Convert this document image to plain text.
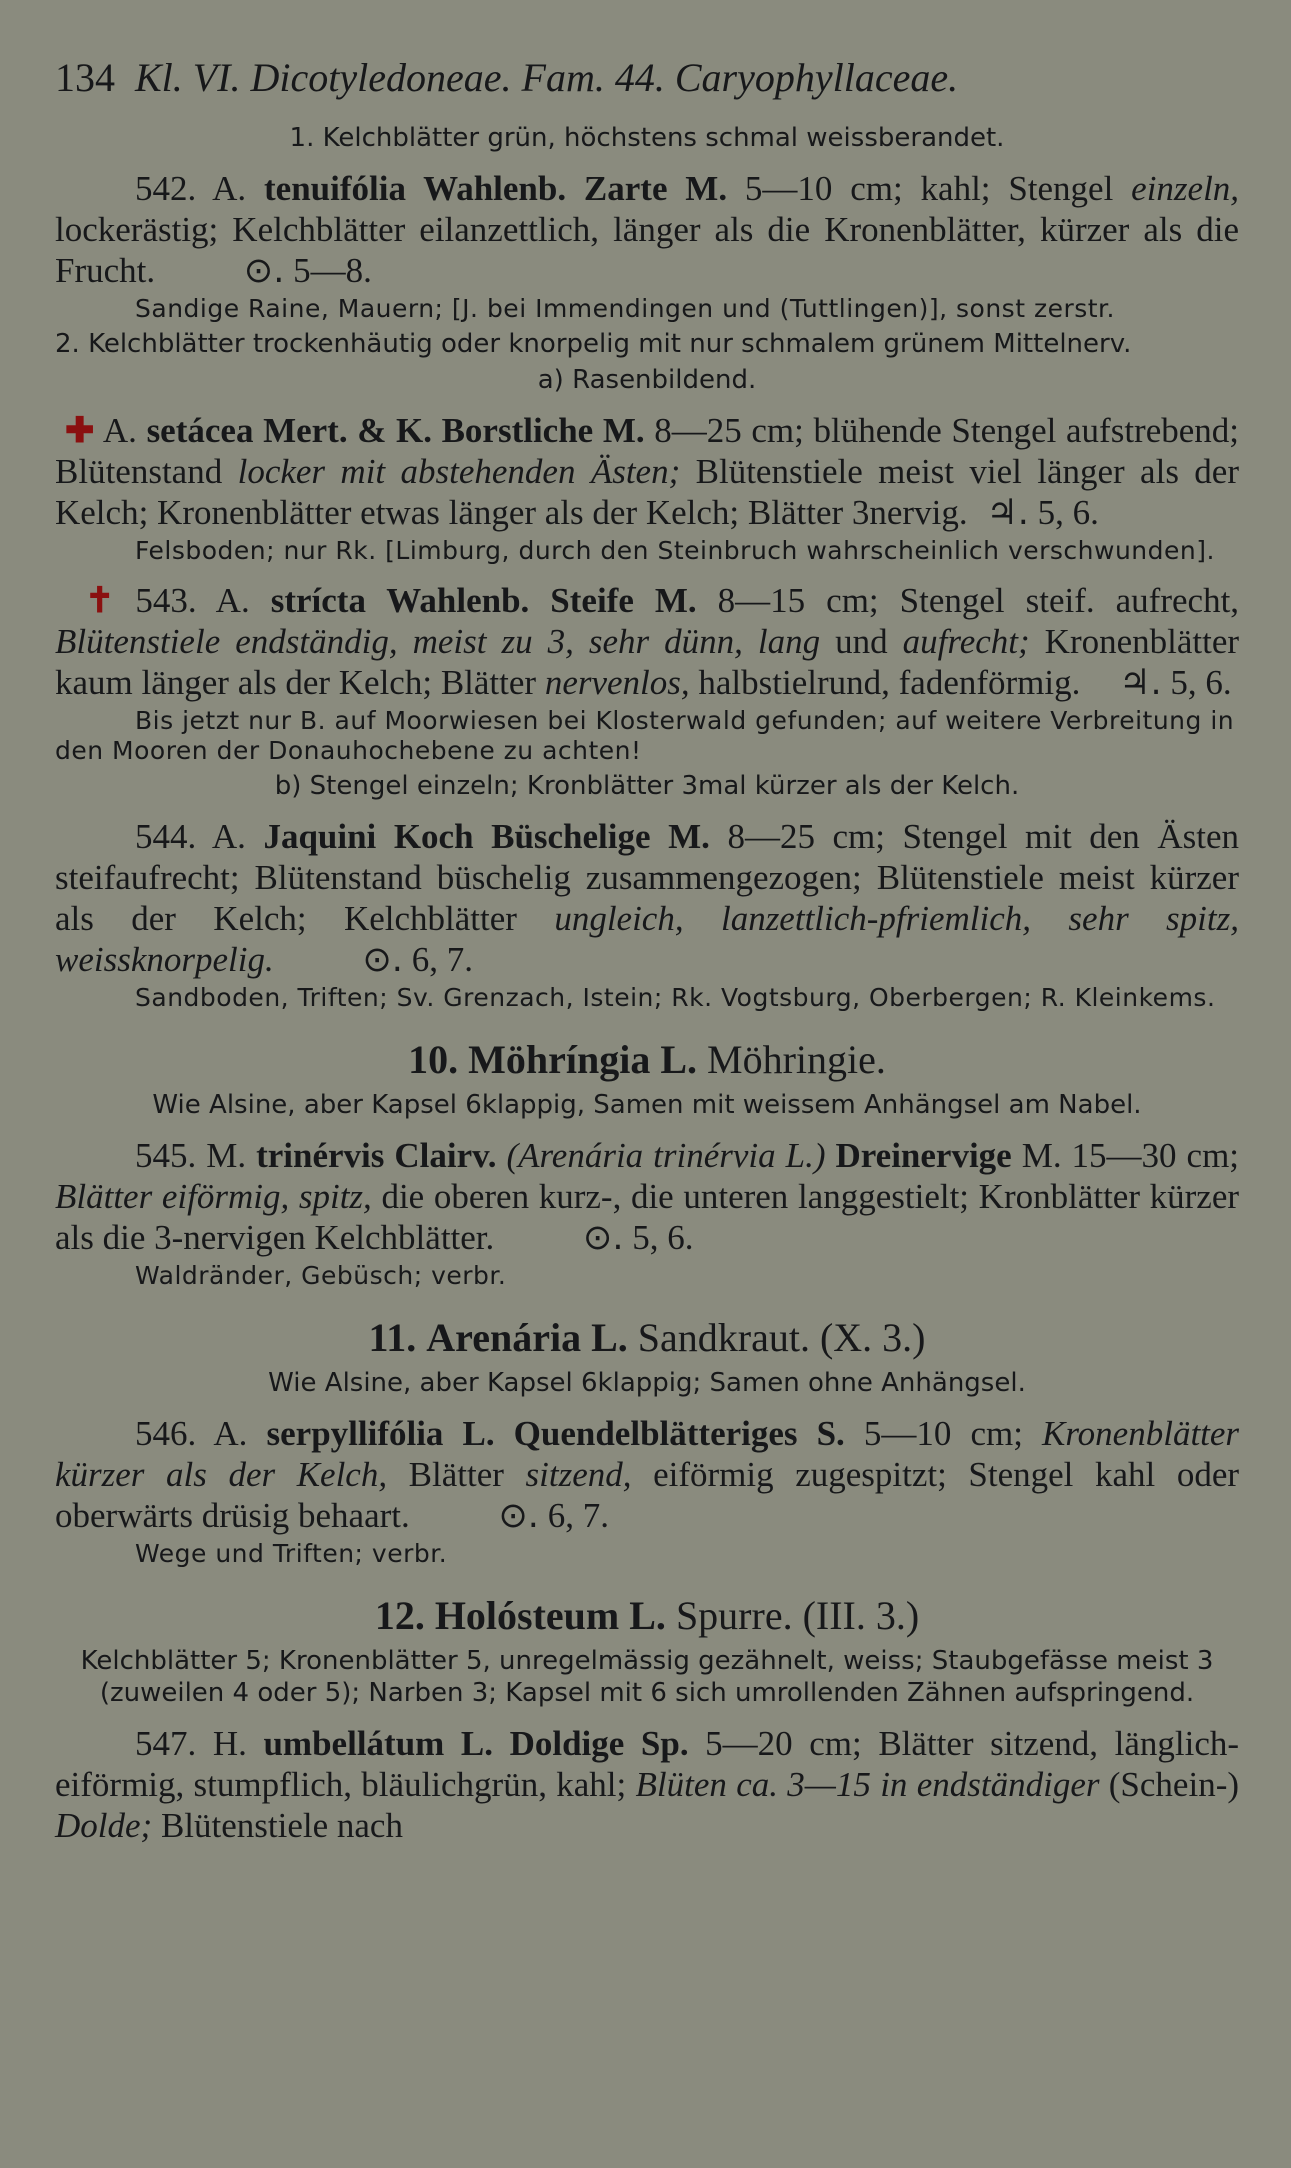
134 Kl. VI. Dicotyledoneae. Fam. 44. Caryophyllaceae.
1. Kelchblätter grün, höchstens schmal weissberandet.
542. A. tenuifólia Wahlenb. Zarte M. 5—10 cm; kahl; Stengel einzeln, lockerästig; Kelchblätter eilanzettlich, länger als die Kronenblätter, kürzer als die Frucht.	⊙. 5—8.
Sandige Raine, Mauern; [J. bei Immendingen und (Tuttlingen)], sonst zerstr.
2. Kelchblätter trockenhäutig oder knorpelig mit nur schmalem grünem Mittelnerv.
a) Rasenbildend.
✚ A. setácea Mert. & K. Borstliche M. 8—25 cm; blühende Stengel aufstrebend; Blütenstand locker mit abstehenden Ästen; Blütenstiele meist viel länger als der Kelch; Kronenblätter etwas länger als der Kelch; Blätter 3nervig. ♃. 5, 6.
Felsboden; nur Rk. [Limburg, durch den Steinbruch wahrscheinlich verschwunden].
✝ 543. A. strícta Wahlenb. Steife M. 8—15 cm; Stengel steif. aufrecht, Blütenstiele endständig, meist zu 3, sehr dünn, lang und aufrecht; Kronenblätter kaum länger als der Kelch; Blätter nervenlos, halbstielrund, fadenförmig. ♃. 5, 6.
Bis jetzt nur B. auf Moorwiesen bei Klosterwald gefunden; auf weitere Verbreitung in den Mooren der Donauhochebene zu achten!
b) Stengel einzeln; Kronblätter 3mal kürzer als der Kelch.
544. A. Jaquini Koch Büschelige M. 8—25 cm; Stengel mit den Ästen steifaufrecht; Blütenstand büschelig zusammengezogen; Blütenstiele meist kürzer als der Kelch; Kelchblätter ungleich, lanzettlich-pfriemlich, sehr spitz, weissknorpelig.	⊙. 6, 7.
Sandboden, Triften; Sv. Grenzach, Istein; Rk. Vogtsburg, Oberbergen; R. Kleinkems.
10. Möhríngia L. Möhringie.
Wie Alsine, aber Kapsel 6klappig, Samen mit weissem Anhängsel am Nabel.
545. M. trinérvis Clairv. (Arenária trinérvia L.) Dreinervige M. 15—30 cm; Blätter eiförmig, spitz, die oberen kurz-, die unteren langgestielt; Kronblätter kürzer als die 3-nervigen Kelchblätter.	⊙. 5, 6.
Waldränder, Gebüsch; verbr.
11. Arenária L. Sandkraut. (X. 3.)
Wie Alsine, aber Kapsel 6klappig; Samen ohne Anhängsel.
546. A. serpyllifólia L. Quendelblätteriges S. 5—10 cm; Kronenblätter kürzer als der Kelch, Blätter sitzend, eiförmig zugespitzt; Stengel kahl oder oberwärts drüsig behaart.	⊙. 6, 7.
Wege und Triften; verbr.
12. Holósteum L. Spurre. (III. 3.)
Kelchblätter 5; Kronenblätter 5, unregelmässig gezähnelt, weiss; Staubgefässe meist 3 (zuweilen 4 oder 5); Narben 3; Kapsel mit 6 sich umrollenden Zähnen aufspringend.
547. H. umbellátum L. Doldige Sp. 5—20 cm; Blätter sitzend, länglich-eiförmig, stumpflich, bläulichgrün, kahl; Blüten ca. 3—15 in endständiger (Schein-) Dolde; Blütenstiele nach
